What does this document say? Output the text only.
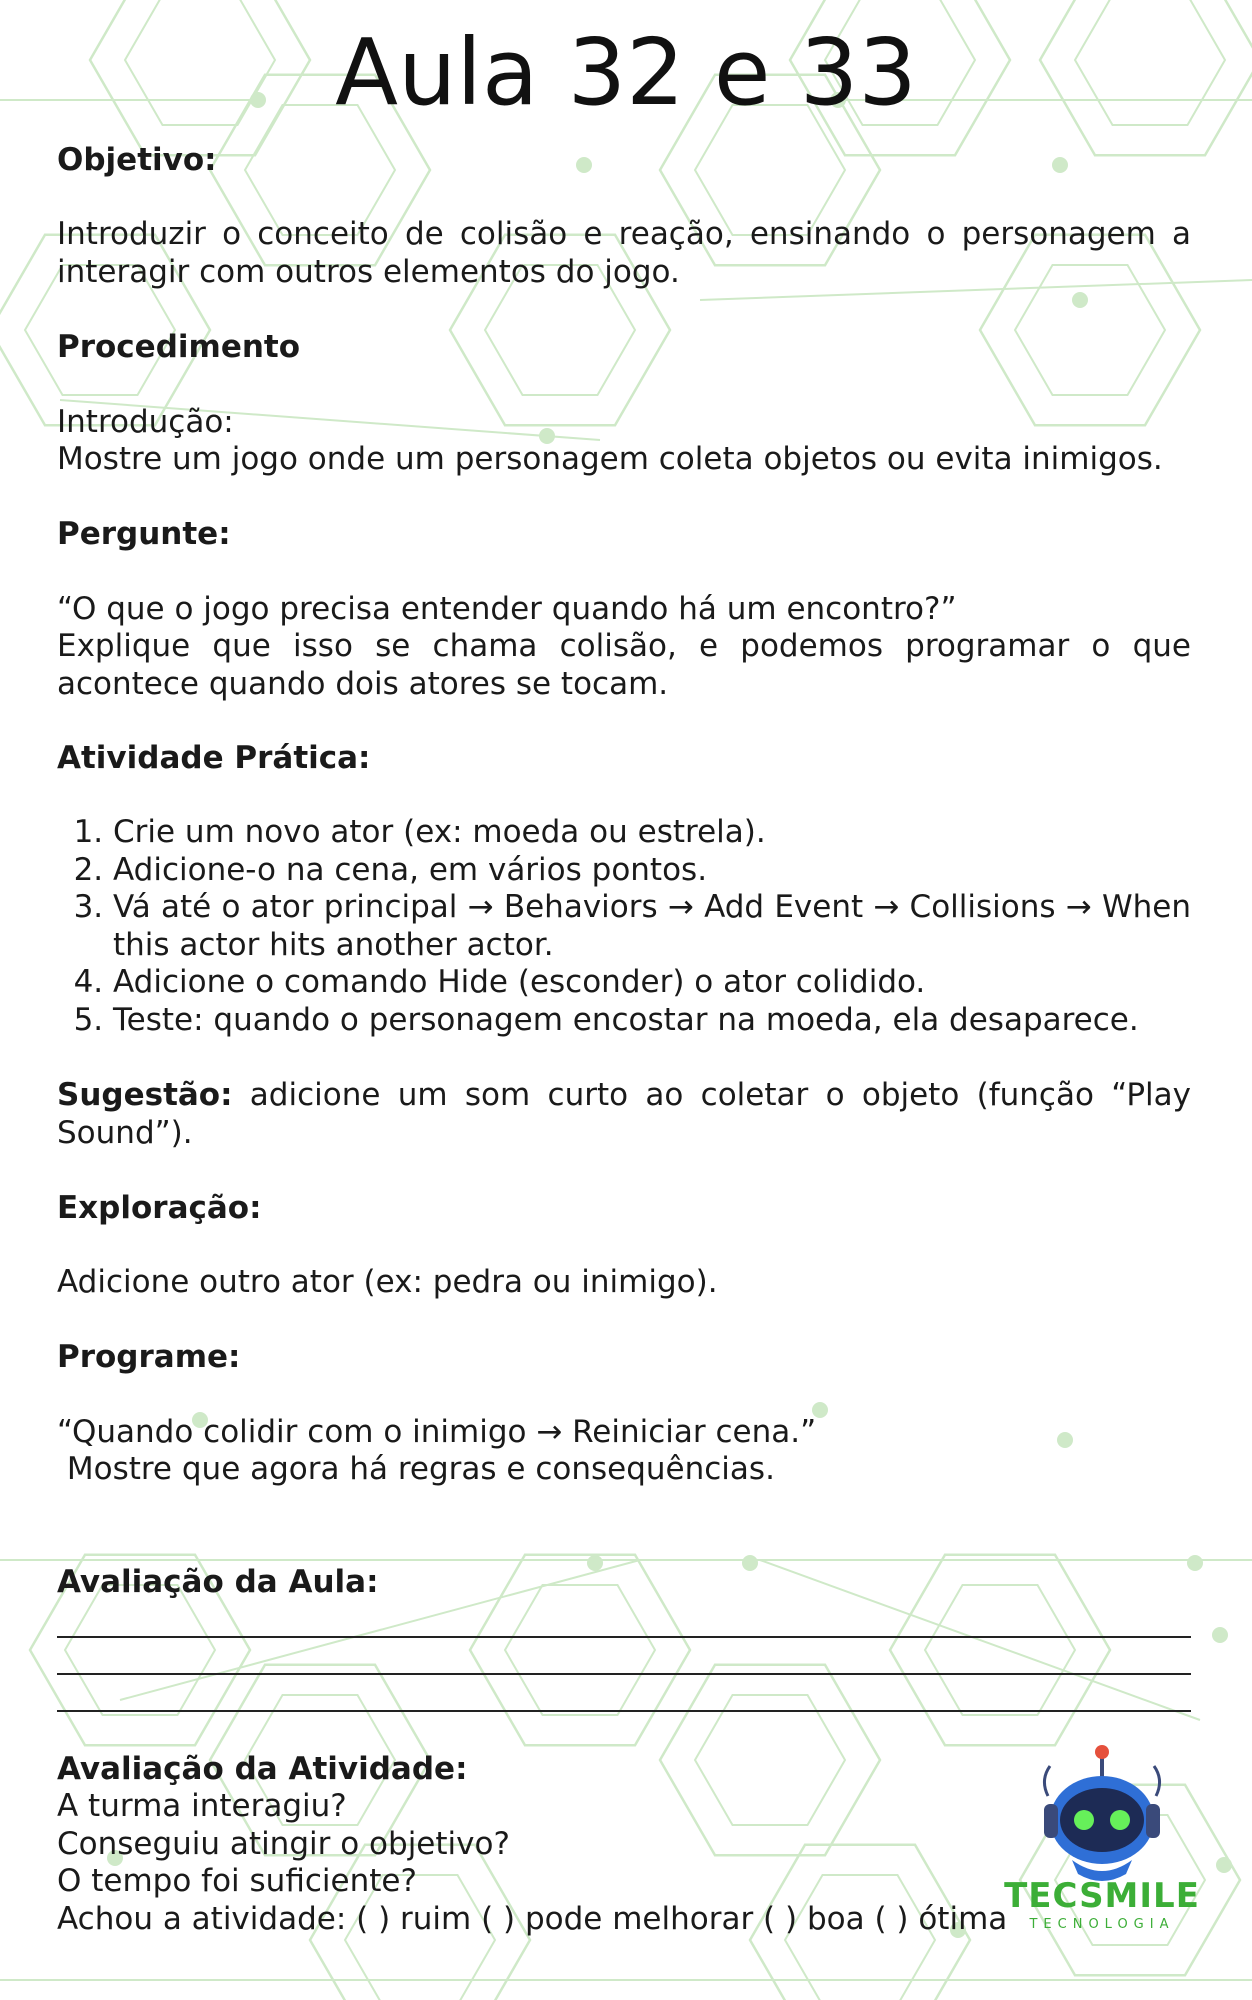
Aula 32 e 33

Objetivo:

Introduzir o conceito de colisão e reação, ensinando o personagem a interagir com outros elementos do jogo.

Procedimento

Introdução:

Mostre um jogo onde um personagem coleta objetos ou evita inimigos.

Pergunte:

“O que o jogo precisa entender quando há um encontro?”

Explique que isso se chama colisão, e podemos programar o que acontece quando dois atores se tocam.

Atividade Prática:

1. Crie um novo ator (ex: moeda ou estrela).
2. Adicione-o na cena, em vários pontos.
3. Vá até o ator principal → Behaviors → Add Event → Collisions → When this actor hits another actor.
4. Adicione o comando Hide (esconder) o ator colidido.
5. Teste: quando o personagem encostar na moeda, ela desaparece.

Sugestão: adicione um som curto ao coletar o objeto (função “Play Sound”).

Exploração:

Adicione outro ator (ex: pedra ou inimigo).

Programe:

“Quando colidir com o inimigo → Reiniciar cena.”

Mostre que agora há regras e consequências.

Avaliação da Aula:

Avaliação da Atividade:

A turma interagiu?

Conseguiu atingir o objetivo?

O tempo foi suficiente?

Achou a atividade: ( ) ruim ( ) pode melhorar ( ) boa ( ) ótima

TECSMILE
TECNOLOGIA
